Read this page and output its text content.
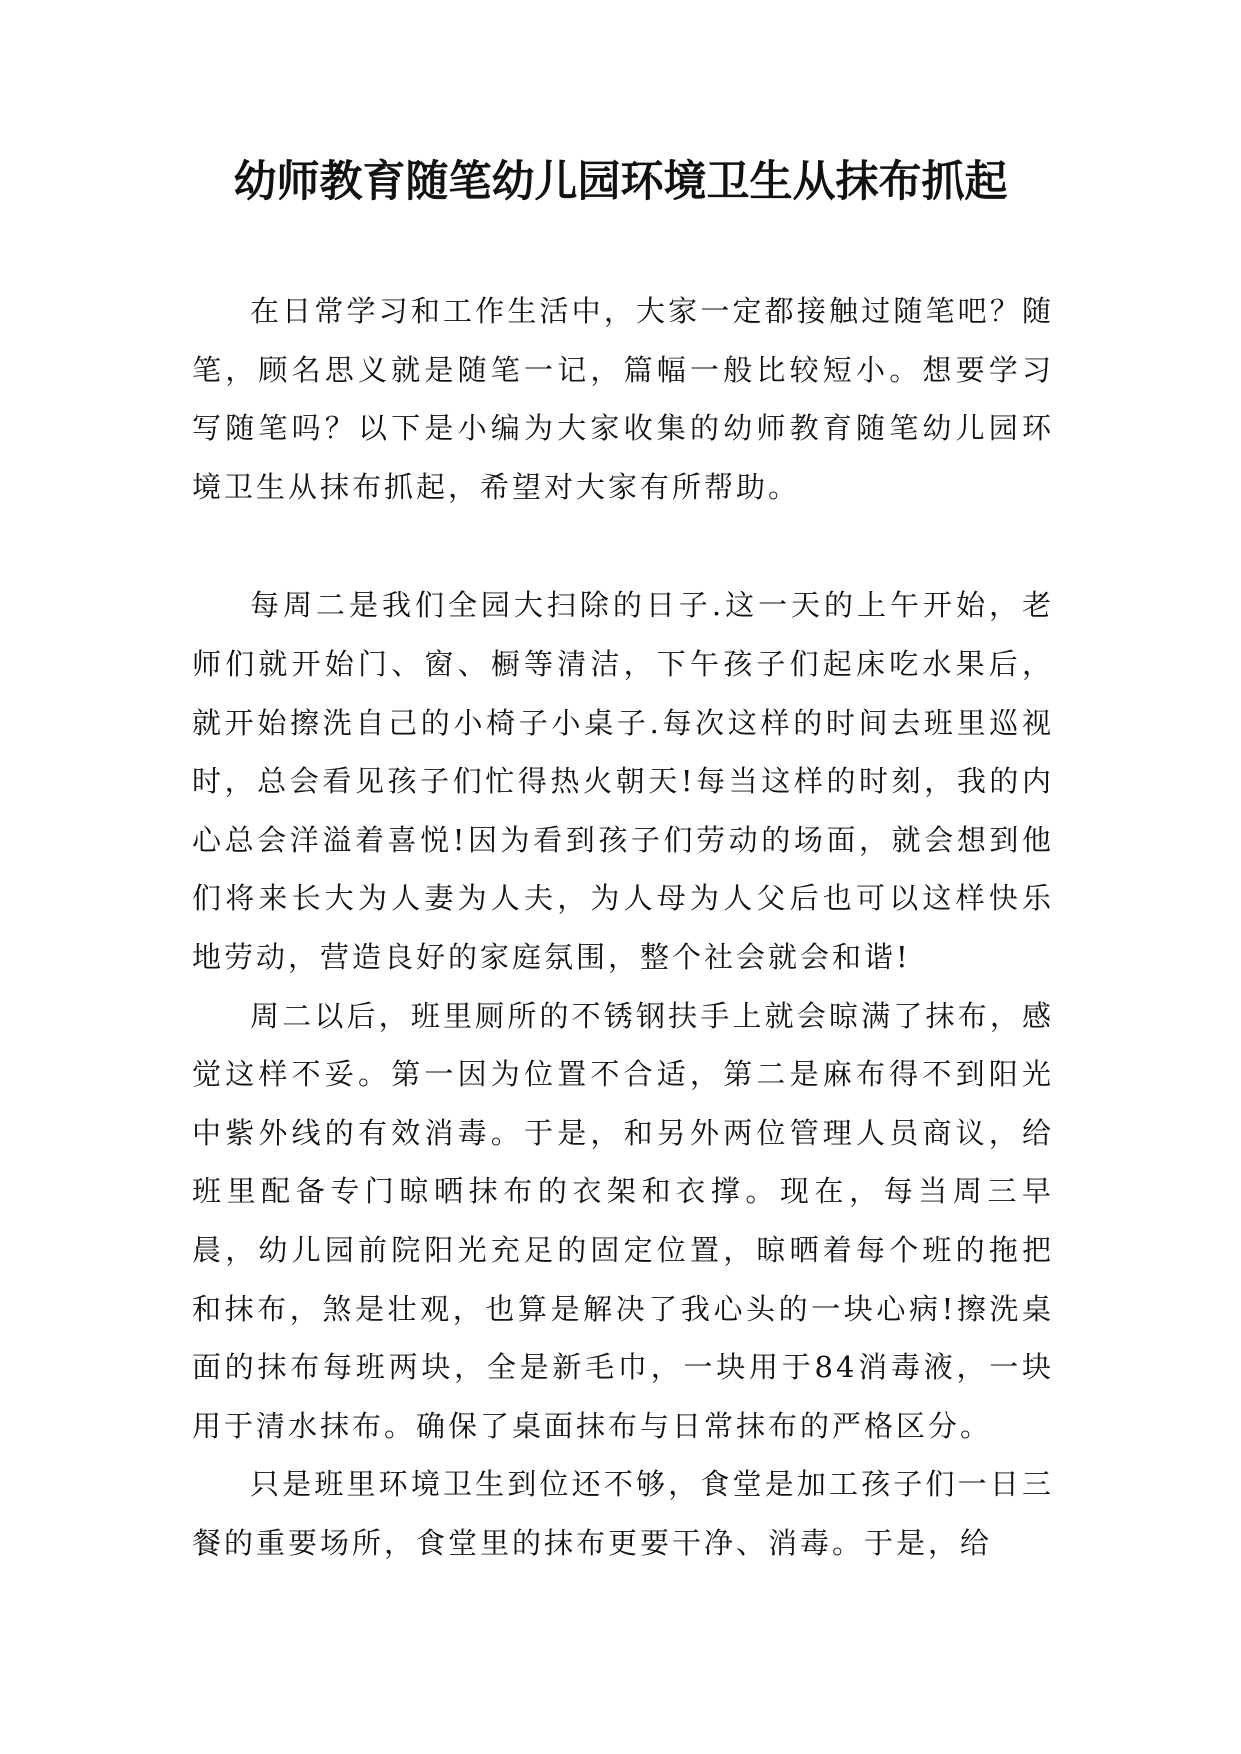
幼师教育随笔幼儿园环境卫生从抹布抓起

在日常学习和工作生活中，大家一定都接触过随笔吧？随笔，顾名思义就是随笔一记，篇幅一般比较短小。想要学习写随笔吗？以下是小编为大家收集的幼师教育随笔幼儿园环境卫生从抹布抓起，希望对大家有所帮助。

每周二是我们全园大扫除的日子.这一天的上午开始，老师们就开始门、窗、橱等清洁，下午孩子们起床吃水果后，就开始擦洗自己的小椅子小桌子.每次这样的时间去班里巡视时，总会看见孩子们忙得热火朝天!每当这样的时刻，我的内心总会洋溢着喜悦!因为看到孩子们劳动的场面，就会想到他们将来长大为人妻为人夫，为人母为人父后也可以这样快乐地劳动，营造良好的家庭氛围，整个社会就会和谐!

周二以后，班里厕所的不锈钢扶手上就会晾满了抹布，感觉这样不妥。第一因为位置不合适，第二是麻布得不到阳光中紫外线的有效消毒。于是，和另外两位管理人员商议，给班里配备专门晾晒抹布的衣架和衣撑。现在，每当周三早晨，幼儿园前院阳光充足的固定位置，晾晒着每个班的拖把和抹布，煞是壮观，也算是解决了我心头的一块心病!擦洗桌面的抹布每班两块，全是新毛巾，一块用于84消毒液，一块用于清水抹布。确保了桌面抹布与日常抹布的严格区分。

只是班里环境卫生到位还不够，食堂是加工孩子们一日三餐的重要场所，食堂里的抹布更要干净、消毒。于是，给
